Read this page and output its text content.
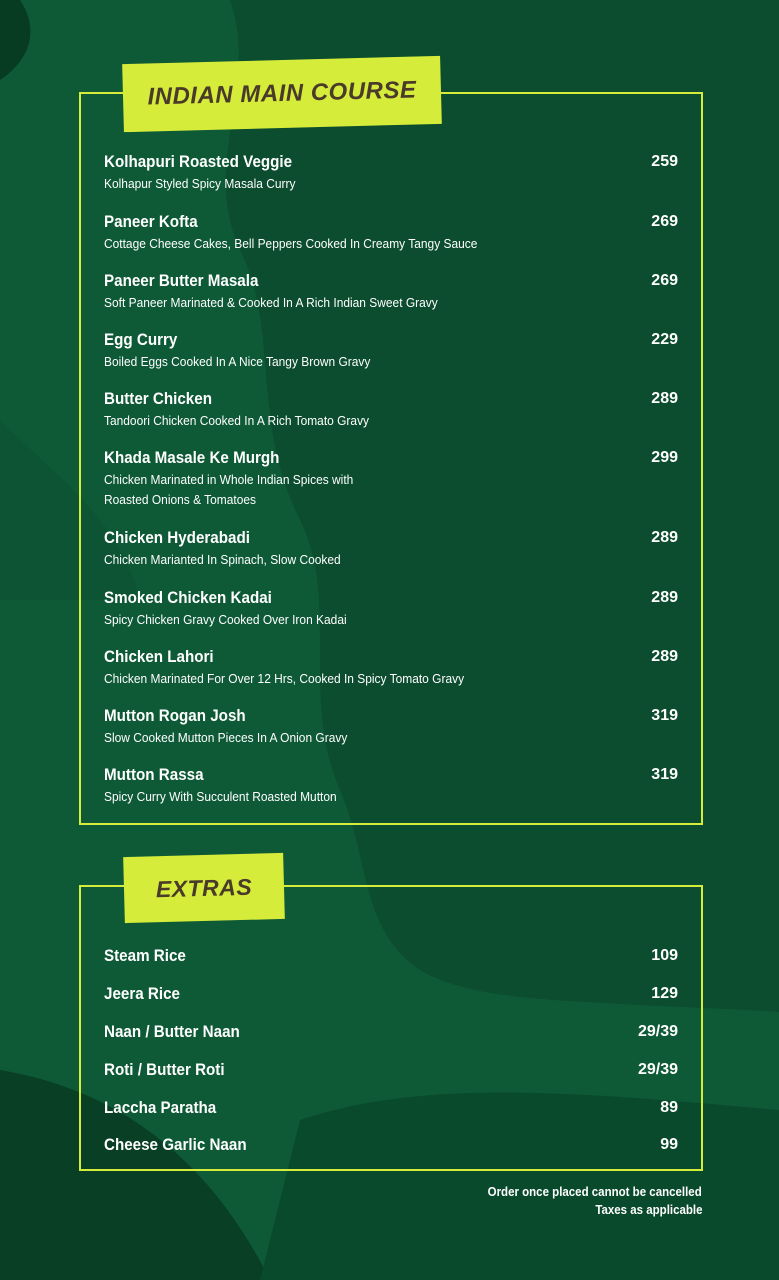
INDIAN MAIN COURSE
Kolhapuri Roasted Veggie
Kolhapur Styled Spicy Masala Curry
259
Paneer Kofta
Cottage Cheese Cakes, Bell Peppers Cooked In Creamy Tangy Sauce
269
Paneer Butter Masala
Soft Paneer Marinated & Cooked In A Rich Indian Sweet Gravy
269
Egg Curry
Boiled Eggs Cooked In A Nice Tangy Brown Gravy
229
Butter Chicken
Tandoori Chicken Cooked In A Rich Tomato Gravy
289
Khada Masale Ke Murgh
Chicken Marinated in Whole Indian Spices with
Roasted Onions & Tomatoes
299
Chicken Hyderabadi
Chicken Marianted In Spinach, Slow Cooked
289
Smoked Chicken Kadai
Spicy Chicken Gravy Cooked Over Iron Kadai
289
Chicken Lahori
Chicken Marinated For Over 12 Hrs, Cooked In Spicy Tomato Gravy
289
Mutton Rogan Josh
Slow Cooked Mutton Pieces In A Onion Gravy
319
Mutton Rassa
Spicy Curry With Succulent Roasted Mutton
319
EXTRAS
Steam Rice	109
Jeera Rice	129
Naan / Butter Naan	29/39
Roti / Butter Roti	29/39
Laccha Paratha	89
Cheese Garlic Naan	99
Order once placed cannot be cancelled
Taxes as applicable
